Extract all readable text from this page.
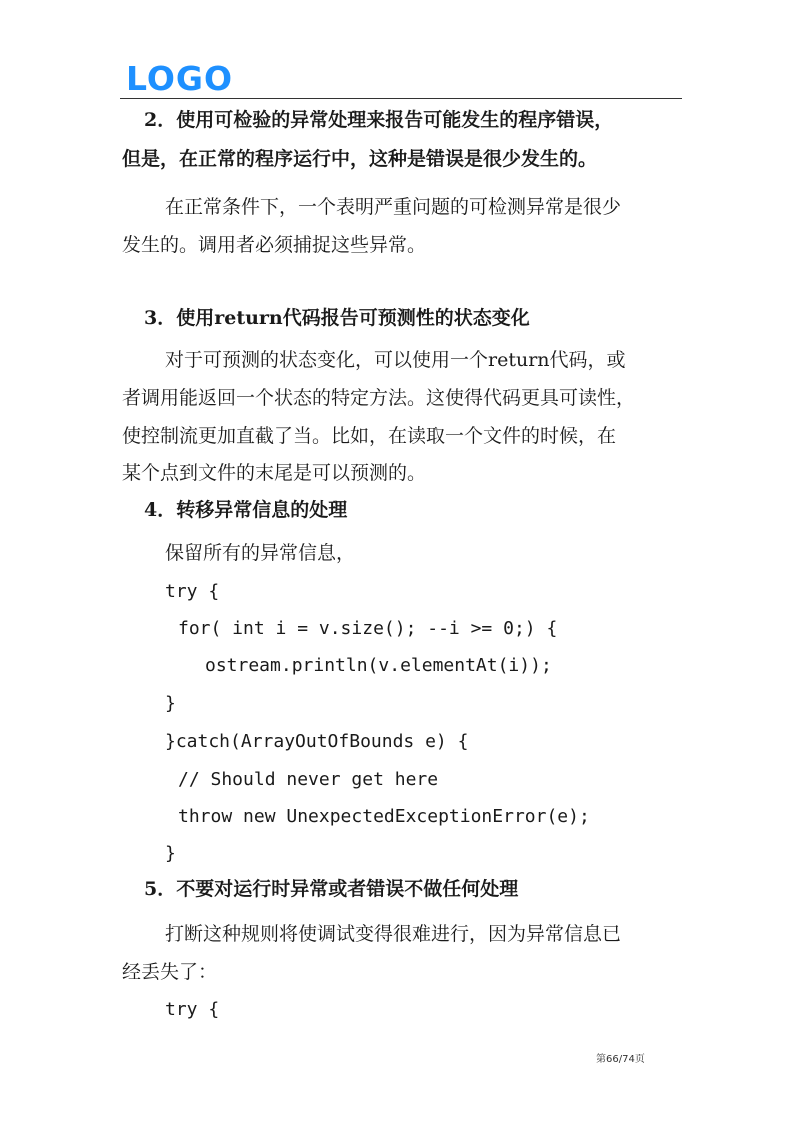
LOGO
2．使用可检验的异常处理来报告可能发生的程序错误，
但是，在正常的程序运行中，这种是错误是很少发生的。
在正常条件下，一个表明严重问题的可检测异常是很少
发生的。调用者必须捕捉这些异常。
3．使用return代码报告可预测性的状态变化
对于可预测的状态变化，可以使用一个return代码，或
者调用能返回一个状态的特定方法。这使得代码更具可读性，
使控制流更加直截了当。比如，在读取一个文件的时候，在
某个点到文件的末尾是可以预测的。
4．转移异常信息的处理
保留所有的异常信息，
try {
for( int i = v.size(); --i >= 0;) {
ostream.println(v.elementAt(i));
}
}catch(ArrayOutOfBounds e) {
// Should never get here
throw new UnexpectedExceptionError(e);
}
5．不要对运行时异常或者错误不做任何处理
打断这种规则将使调试变得很难进行，因为异常信息已
经丢失了：
try {
第66/74页
